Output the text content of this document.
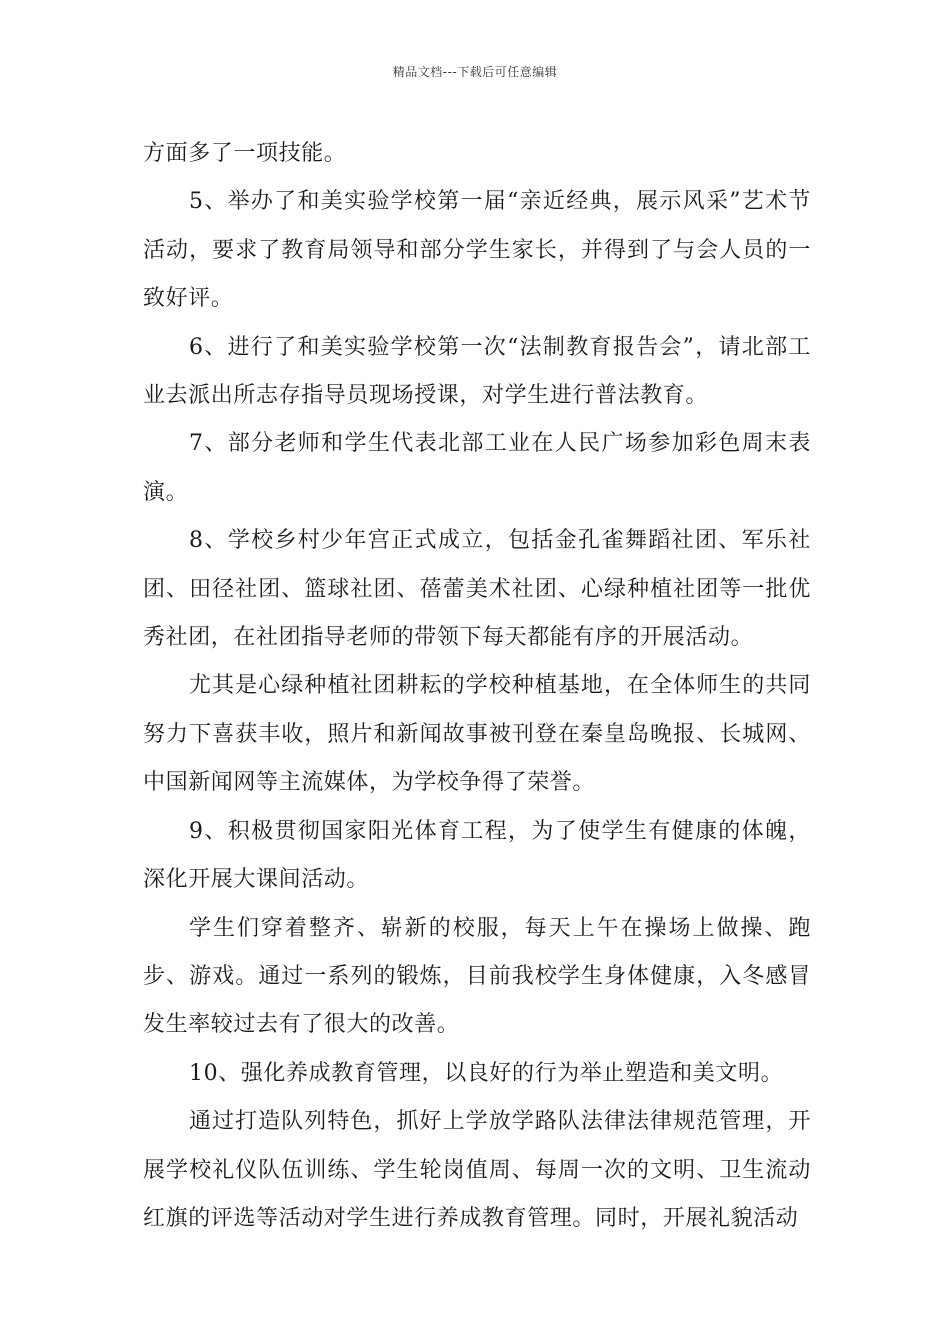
精品文档---下载后可任意编辑

方面多了一项技能。

5、举办了和美实验学校第一届“亲近经典，展示风采”艺术节活动，要求了教育局领导和部分学生家长，并得到了与会人员的一致好评。

6、进行了和美实验学校第一次“法制教育报告会”，请北部工业去派出所志存指导员现场授课，对学生进行普法教育。

7、部分老师和学生代表北部工业在人民广场参加彩色周末表演。

8、学校乡村少年宫正式成立，包括金孔雀舞蹈社团、军乐社团、田径社团、篮球社团、蓓蕾美术社团、心绿种植社团等一批优秀社团，在社团指导老师的带领下每天都能有序的开展活动。

尤其是心绿种植社团耕耘的学校种植基地，在全体师生的共同努力下喜获丰收，照片和新闻故事被刊登在秦皇岛晚报、长城网、中国新闻网等主流媒体，为学校争得了荣誉。

9、积极贯彻国家阳光体育工程，为了使学生有健康的体魄，深化开展大课间活动。

学生们穿着整齐、崭新的校服，每天上午在操场上做操、跑步、游戏。通过一系列的锻炼，目前我校学生身体健康，入冬感冒发生率较过去有了很大的改善。

10、强化养成教育管理，以良好的行为举止塑造和美文明。

通过打造队列特色，抓好上学放学路队法律法律规范管理，开展学校礼仪队伍训练、学生轮岗值周、每周一次的文明、卫生流动红旗的评选等活动对学生进行养成教育管理。同时，开展礼貌活动
